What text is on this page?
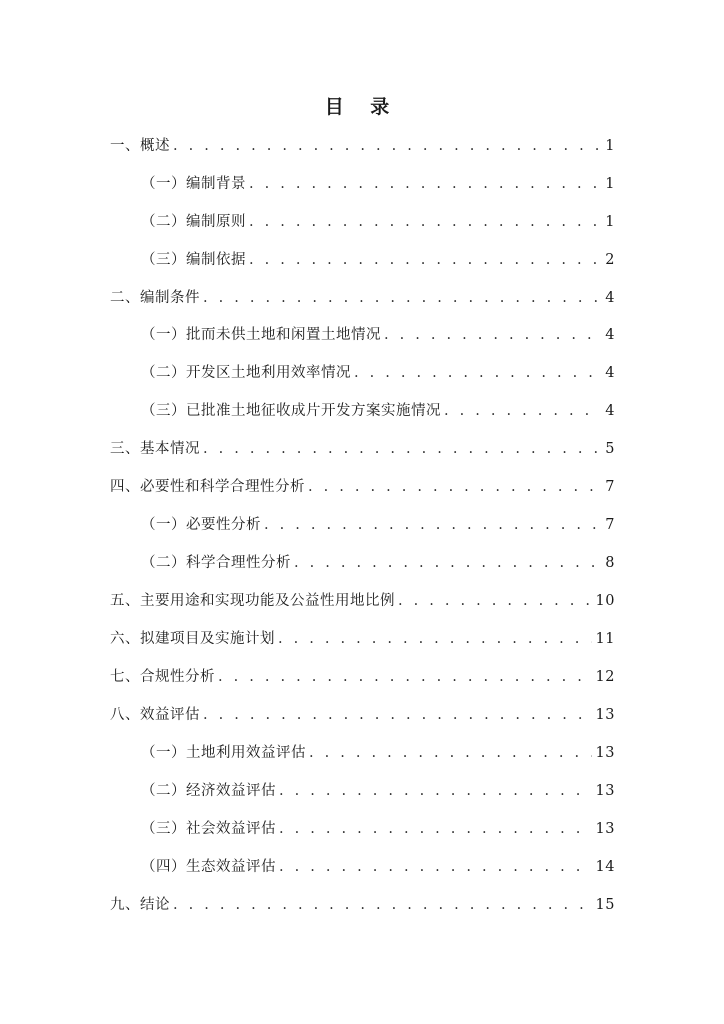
目 录
一、概述 . . .	1
（一）编制背景 . . .	1
（二）编制原则 . . .	1
（三）编制依据 . . .	2
二、编制条件 . . .	4
（一）批而未供土地和闲置土地情况 . . .	4
（二）开发区土地利用效率情况 . . .	4
（三）已批准土地征收成片开发方案实施情况 . . .	4
三、基本情况 . . .	5
四、必要性和科学合理性分析 . . .	7
（一）必要性分析 . . .	7
（二）科学合理性分析 . . .	8
五、主要用途和实现功能及公益性用地比例 . . .	10
六、拟建项目及实施计划 . . .	11
七、合规性分析 . . .	12
八、效益评估 . . .	13
（一）土地利用效益评估 . . .	13
（二）经济效益评估 . . .	13
（三）社会效益评估 . . .	13
（四）生态效益评估 . . .	14
九、结论 . . .	15
